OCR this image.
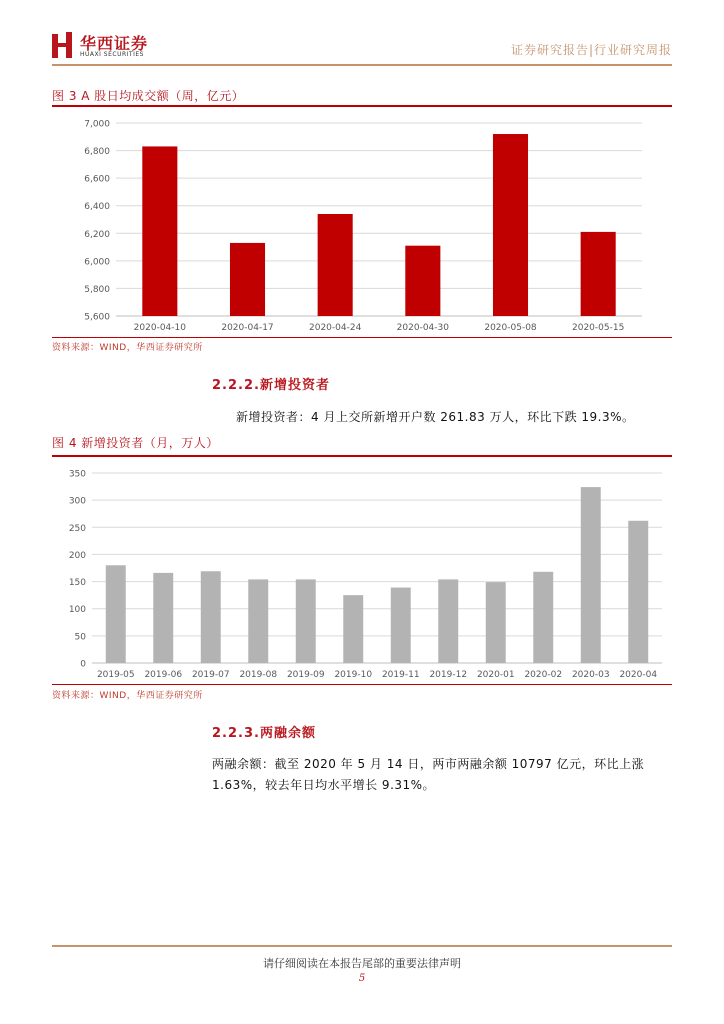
华西证券
HUAXI SECURITIES	证券研究报告|行业研究周报
图 3 A 股日均成交额（周，亿元）
5,600
5,800
6,000
6,200
6,400
6,600
6,800
7,000
2020-04-10	2020-04-17	2020-04-24	2020-04-30	2020-05-08	2020-05-15
资料来源：WIND，华西证券研究所
2.2.2.新增投资者
新增投资者：4 月上交所新增开户数 261.83 万人，环比下跌 19.3%。
图 4 新增投资者（月，万人）
0
50
100
150
200
250
300
350
2019-05 2019-06 2019-07 2019-08 2019-09 2019-10 2019-11 2019-12 2020-01 2020-02 2020-03 2020-04
资料来源：WIND，华西证券研究所
2.2.3.两融余额
两融余额：截至 2020 年 5 月 14 日，两市两融余额 10797 亿元，环比上涨 1.63%，较去年日均水平增长 9.31%。
请仔细阅读在本报告尾部的重要法律声明
5
